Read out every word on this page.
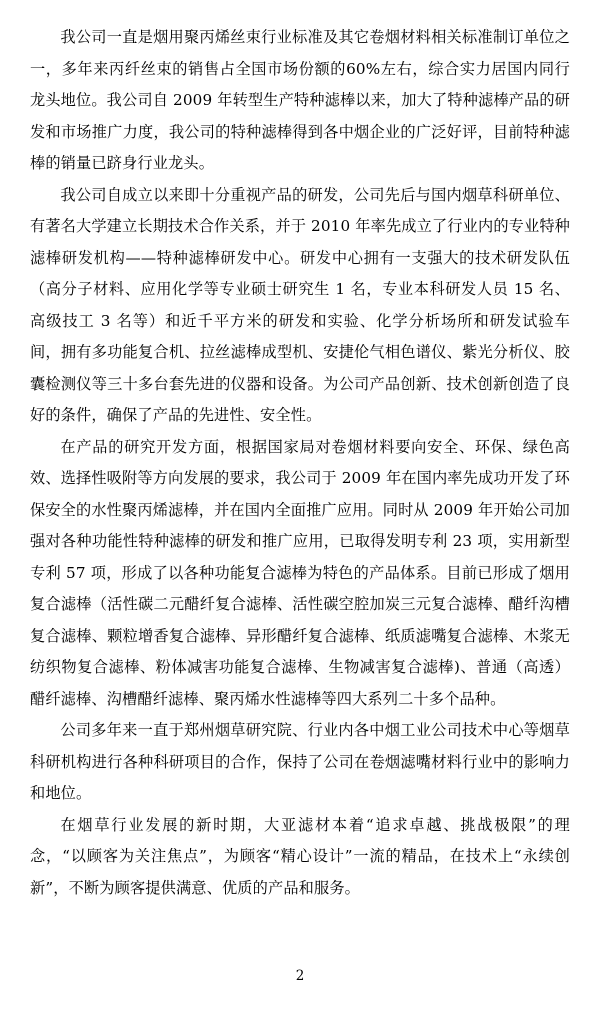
我公司一直是烟用聚丙烯丝束行业标准及其它卷烟材料相关标准制订单位之一，多年来丙纤丝束的销售占全国市场份额的60%左右，综合实力居国内同行龙头地位。我公司自 2009 年转型生产特种滤棒以来，加大了特种滤棒产品的研发和市场推广力度，我公司的特种滤棒得到各中烟企业的广泛好评，目前特种滤棒的销量已跻身行业龙头。

我公司自成立以来即十分重视产品的研发，公司先后与国内烟草科研单位、有著名大学建立长期技术合作关系，并于 2010 年率先成立了行业内的专业特种滤棒研发机构——特种滤棒研发中心。研发中心拥有一支强大的技术研发队伍（高分子材料、应用化学等专业硕士研究生 1 名，专业本科研发人员 15 名、高级技工 3 名等）和近千平方米的研发和实验、化学分析场所和研发试验车间，拥有多功能复合机、拉丝滤棒成型机、安捷伦气相色谱仪、紫光分析仪、胶囊检测仪等三十多台套先进的仪器和设备。为公司产品创新、技术创新创造了良好的条件，确保了产品的先进性、安全性。

在产品的研究开发方面，根据国家局对卷烟材料要向安全、环保、绿色高效、选择性吸附等方向发展的要求，我公司于 2009 年在国内率先成功开发了环保安全的水性聚丙烯滤棒，并在国内全面推广应用。同时从 2009 年开始公司加强对各种功能性特种滤棒的研发和推广应用，已取得发明专利 23 项，实用新型专利 57 项，形成了以各种功能复合滤棒为特色的产品体系。目前已形成了烟用复合滤棒（活性碳二元醋纤复合滤棒、活性碳空腔加炭三元复合滤棒、醋纤沟槽复合滤棒、颗粒增香复合滤棒、异形醋纤复合滤棒、纸质滤嘴复合滤棒、木浆无纺织物复合滤棒、粉体减害功能复合滤棒、生物减害复合滤棒)、普通（高透）醋纤滤棒、沟槽醋纤滤棒、聚丙烯水性滤棒等四大系列二十多个品种。

公司多年来一直于郑州烟草研究院、行业内各中烟工业公司技术中心等烟草科研机构进行各种科研项目的合作，保持了公司在卷烟滤嘴材料行业中的影响力和地位。

在烟草行业发展的新时期，大亚滤材本着“追求卓越、挑战极限”的理念，“以顾客为关注焦点”，为顾客“精心设计”一流的精品，在技术上“永续创新”，不断为顾客提供满意、优质的产品和服务。

2
